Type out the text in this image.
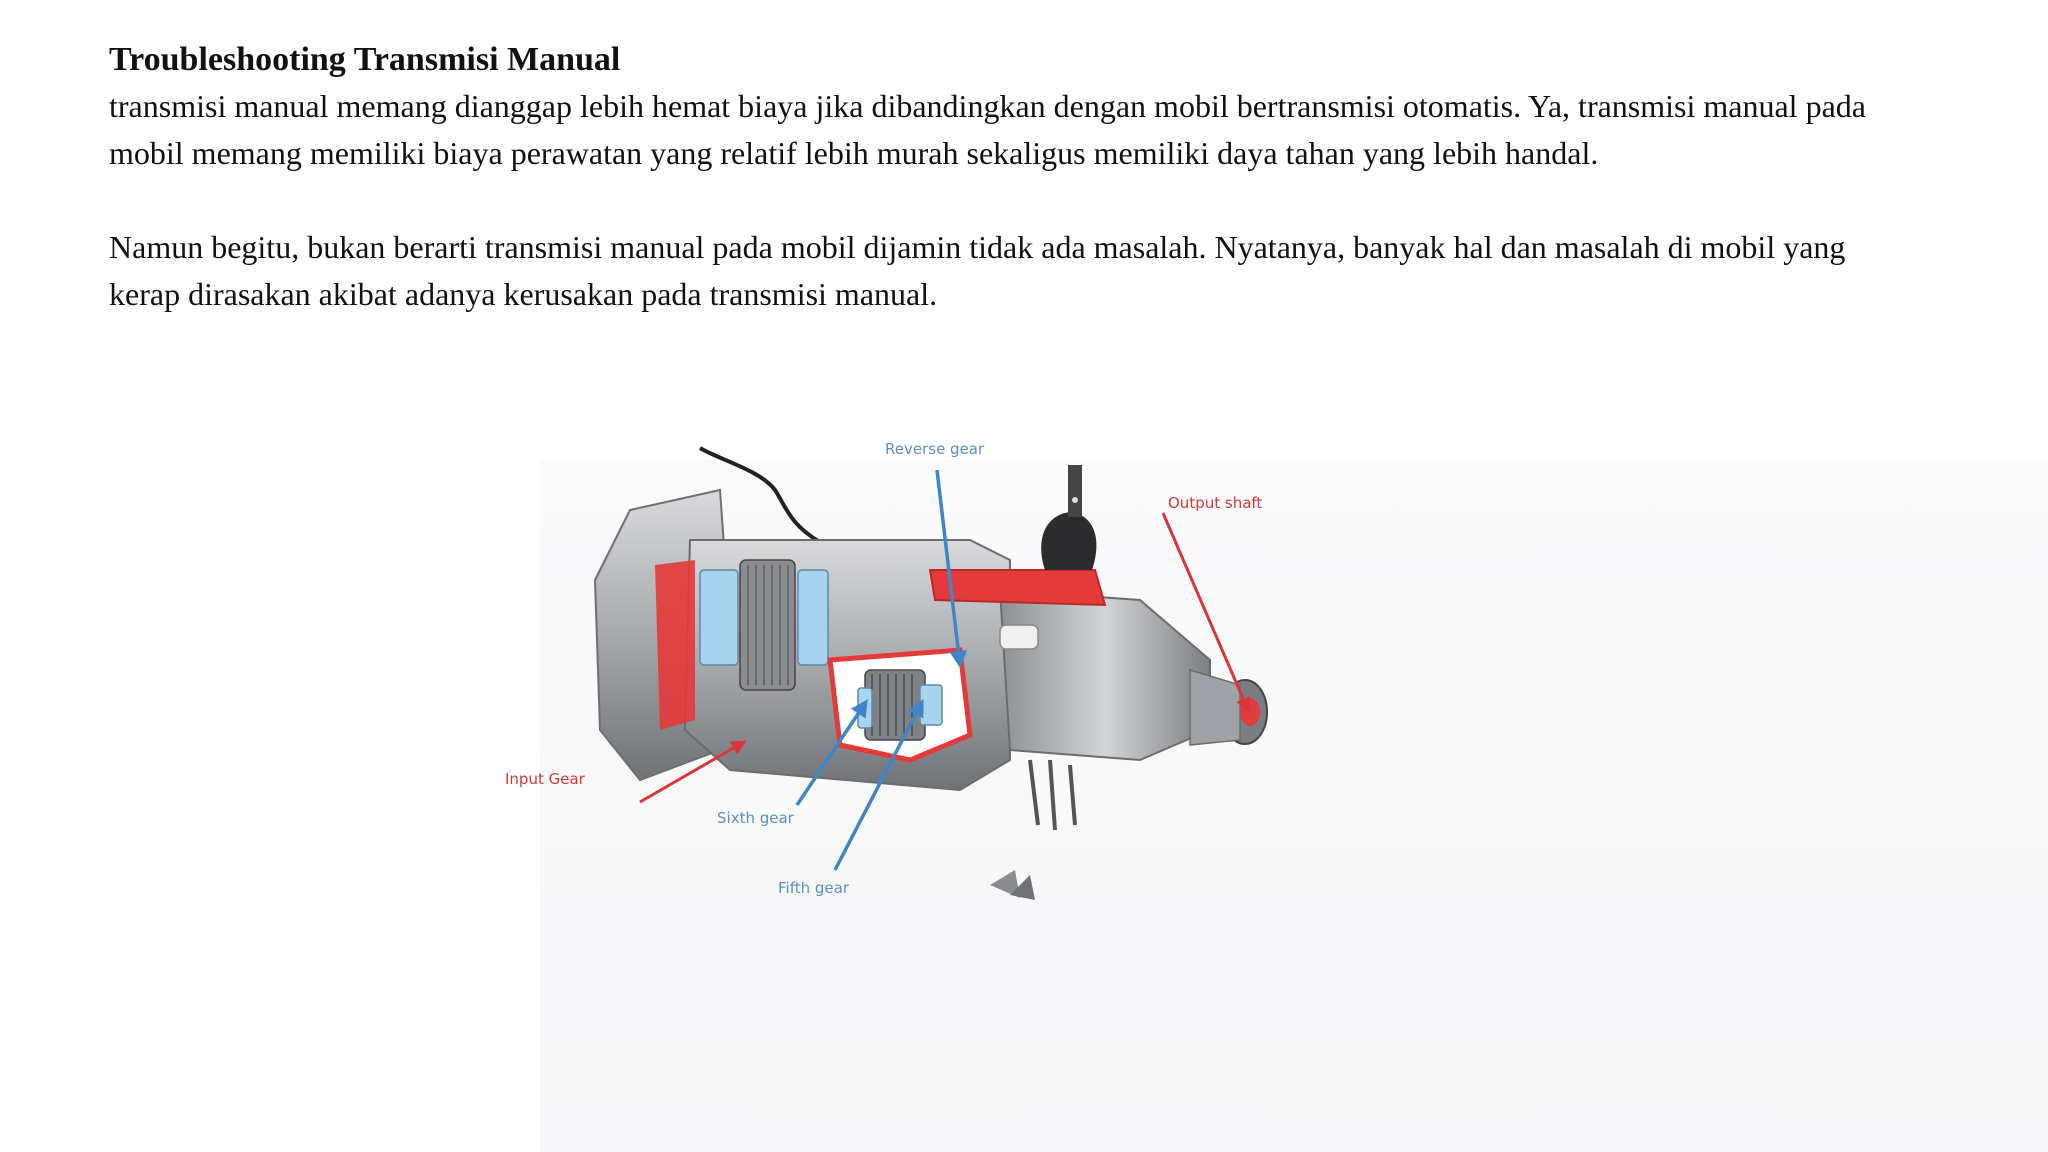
Troubleshooting Transmisi Manual

transmisi manual memang dianggap lebih hemat biaya jika dibandingkan dengan mobil bertransmisi otomatis. Ya, transmisi manual pada mobil memang memiliki biaya perawatan yang relatif lebih murah sekaligus memiliki daya tahan yang lebih handal.

Namun begitu, bukan berarti transmisi manual pada mobil dijamin tidak ada masalah. Nyatanya, banyak hal dan masalah di mobil yang kerap dirasakan akibat adanya kerusakan pada transmisi manual.

Reverse gear
Output shaft
Input Gear
Sixth gear
Fifth gear
